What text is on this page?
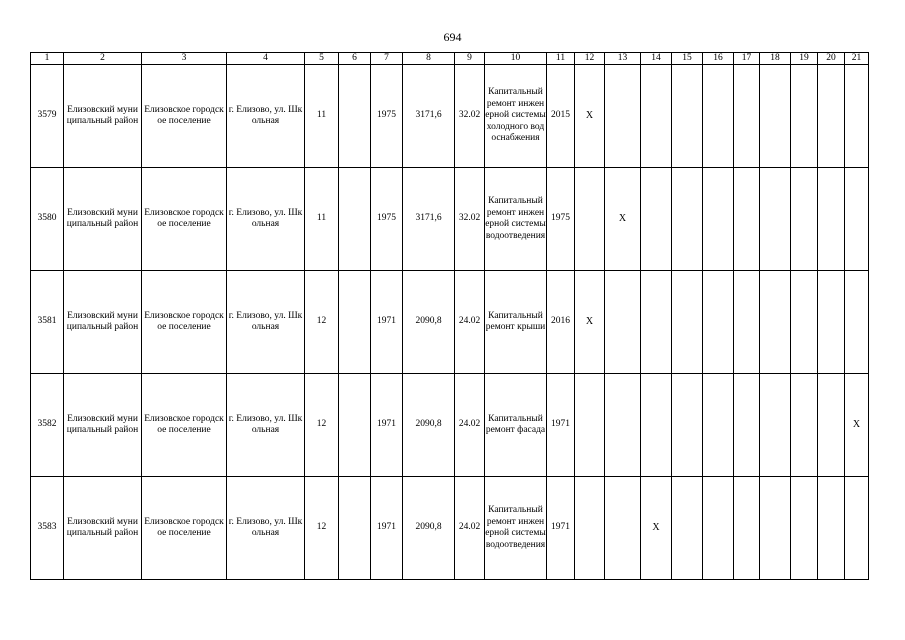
694
1	2	3	4	5	6	7	8	9	10	11	12	13	14	15	16	17	18	19	20	21
3579	Елизовский муниципальный район	Елизовское городское поселение	г. Елизово, ул. Школьная	11		1975	3171,6	32.02	Капитальный ремонт инженерной системы холодного водоснабжения	2015	X									
3580	Елизовский муниципальный район	Елизовское городское поселение	г. Елизово, ул. Школьная	11		1975	3171,6	32.02	Капитальный ремонт инженерной системы водоотведения	1975		X								
3581	Елизовский муниципальный район	Елизовское городское поселение	г. Елизово, ул. Школьная	12		1971	2090,8	24.02	Капитальный ремонт крыши	2016	X									
3582	Елизовский муниципальный район	Елизовское городское поселение	г. Елизово, ул. Школьная	12		1971	2090,8	24.02	Капитальный ремонт фасада	1971										X
3583	Елизовский муниципальный район	Елизовское городское поселение	г. Елизово, ул. Школьная	12		1971	2090,8	24.02	Капитальный ремонт инженерной системы водоотведения	1971			X							
